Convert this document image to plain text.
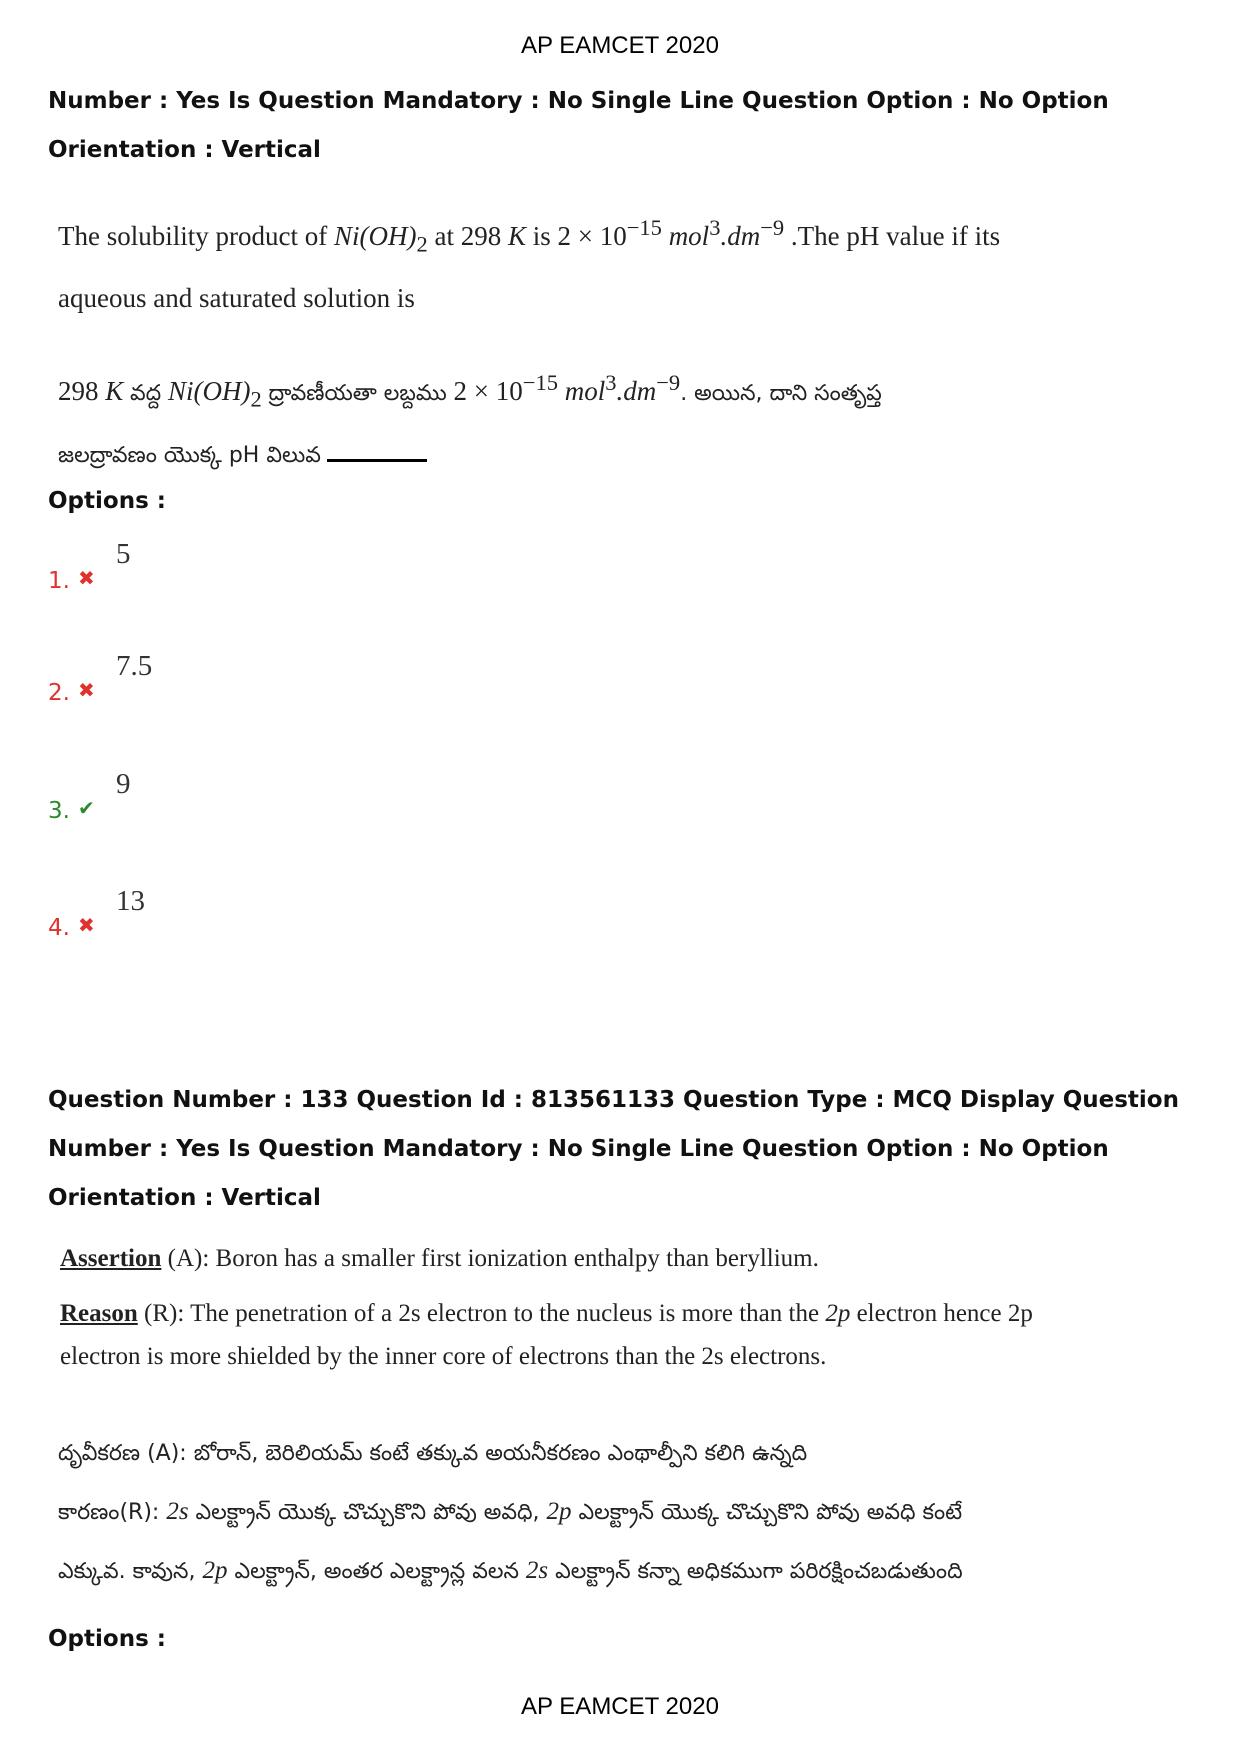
AP EAMCET 2020
Number : Yes Is Question Mandatory : No Single Line Question Option : No Option
Orientation : Vertical
The solubility product of $Ni(OH)_2$ at 298 K is $2 \times 10^{-15}$ $mol^3.dm^{-9}$ .The pH value if its
aqueous and saturated solution is
298 K వద్ద $Ni(OH)_2$ ద్రావణీయతా లబ్దము $2 \times 10^{-15}$ $mol^3.dm^{-9}$. అయిన, దాని సంతృప్త
జలద్రావణం యొక్క pH విలువ
Options :
1. ✖
5
2. ✖
7.5
3. ✔
9
4. ✖
13
Question Number : 133 Question Id : 813561133 Question Type : MCQ Display Question
Number : Yes Is Question Mandatory : No Single Line Question Option : No Option
Orientation : Vertical
Assertion (A): Boron has a smaller first ionization enthalpy than beryllium.
Reason (R): The penetration of a 2s electron to the nucleus is more than the 2p electron hence 2p
electron is more shielded by the inner core of electrons than the 2s electrons.
దృవీకరణ (A): బోరాన్, బెరిలియమ్ కంటే తక్కువ అయనీకరణం ఎంథాల్పీని కలిగి ఉన్నది
కారణం(R): 2s ఎలక్ట్రాన్ యొక్క చొచ్చుకొని పోవు అవధి, 2p ఎలక్ట్రాన్ యొక్క చొచ్చుకొని పోవు అవధి కంటే
ఎక్కువ. కావున, 2p ఎలక్ట్రాన్, అంతర ఎలక్ట్రాన్ల వలన 2s ఎలక్ట్రాన్ కన్నా అధికముగా పరిరక్షించబడుతుంది
Options :
AP EAMCET 2020
